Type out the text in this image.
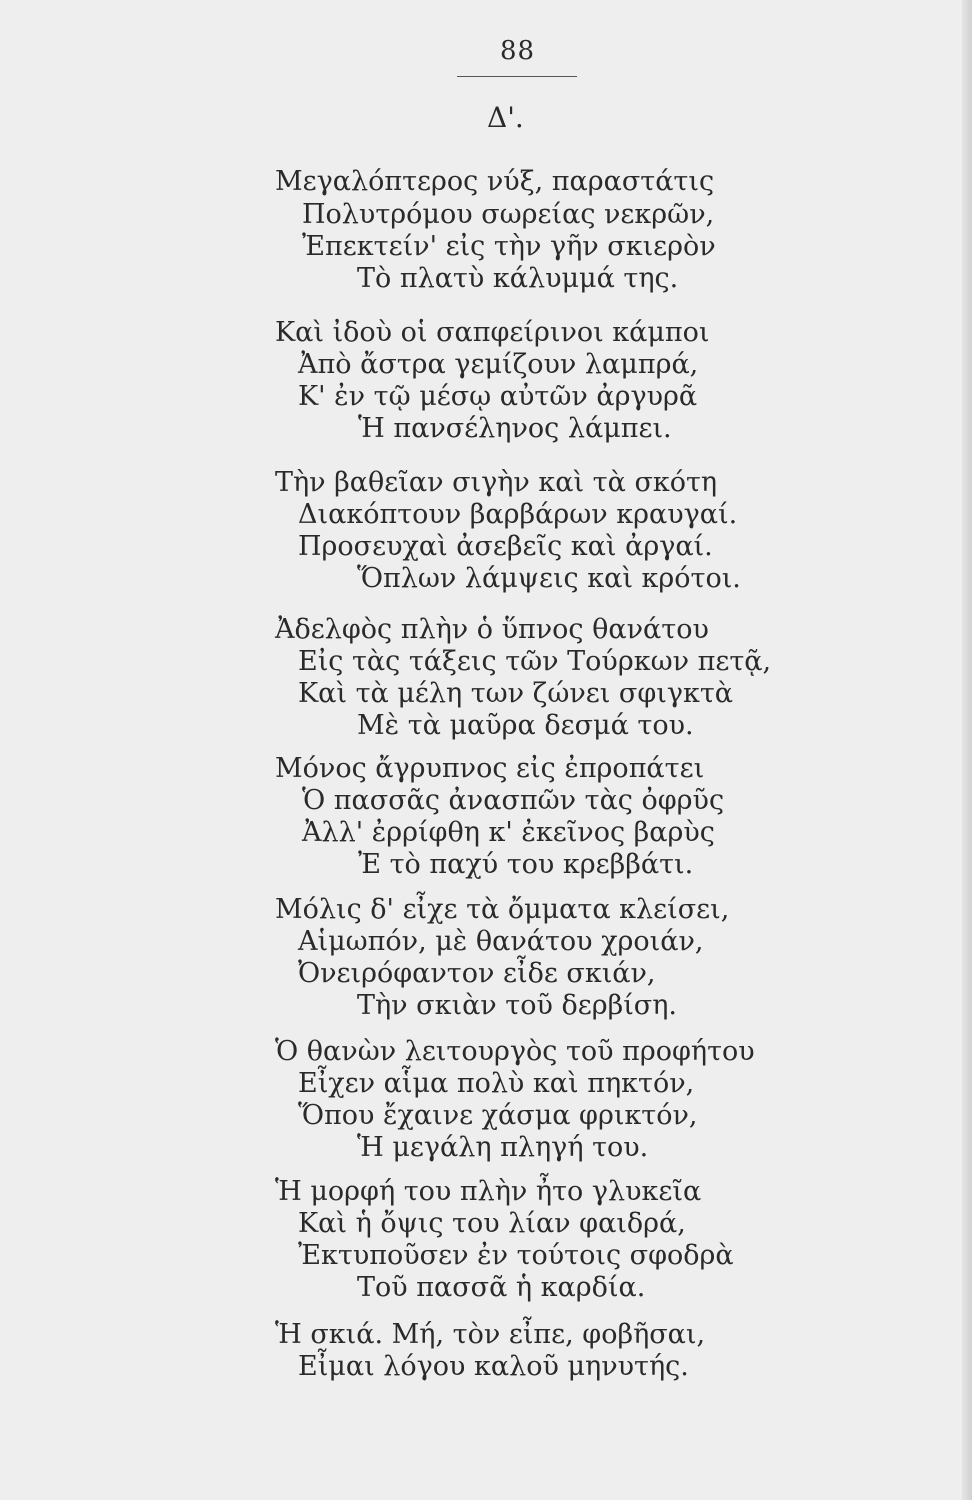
88
Δ'.
Μεγαλόπτερος νύξ, παραστάτις
Πολυτρόμου σωρείας νεκρῶν,
Ἐπεκτείν' εἰς τὴν γῆν σκιερὸν
Τὸ πλατὺ κάλυμμά της.
Καὶ ἰδοὺ οἱ σαπφείρινοι κάμποι
Ἀπὸ ἄστρα γεμίζουν λαμπρά,
Κ' ἐν τῷ μέσῳ αὐτῶν ἀργυρᾶ
Ἡ πανσέληνος λάμπει.
Τὴν βαθεῖαν σιγὴν καὶ τὰ σκότη
Διακόπτουν βαρβάρων κραυγαί.
Προσευχαὶ ἀσεβεῖς καὶ ἀργαί.
Ὅπλων λάμψεις καὶ κρότοι.
Ἀδελφὸς πλὴν ὁ ὕπνος θανάτου
Εἰς τὰς τάξεις τῶν Τούρκων πετᾷ,
Καὶ τὰ μέλη των ζώνει σφιγκτὰ
Μὲ τὰ μαῦρα δεσμά του.
Μόνος ἄγρυπνος εἰς ἐπροπάτει
Ὁ πασσᾶς ἀνασπῶν τὰς ὀφρῦς
Ἀλλ' ἐρρίφθη κ' ἐκεῖνος βαρὺς
Ἐ τὸ παχύ του κρεββάτι.
Μόλις δ' εἶχε τὰ ὄμματα κλείσει,
Αἱμωπόν, μὲ θανάτου χροιάν,
Ὀνειρόφαντον εἶδε σκιάν,
Τὴν σκιὰν τοῦ δερβίση.
Ὁ θανὼν λειτουργὸς τοῦ προφήτου
Εἶχεν αἷμα πολὺ καὶ πηκτόν,
Ὅπου ἔχαινε χάσμα φρικτόν,
Ἡ μεγάλη πληγή του.
Ἡ μορφή του πλὴν ἦτο γλυκεῖα
Καὶ ἡ ὄψις του λίαν φαιδρά,
Ἐκτυποῦσεν ἐν τούτοις σφοδρὰ
Τοῦ πασσᾶ ἡ καρδία.
Ἡ σκιά. Μή, τὸν εἶπε, φοβῆσαι,
Εἶμαι λόγου καλοῦ μηνυτής.
